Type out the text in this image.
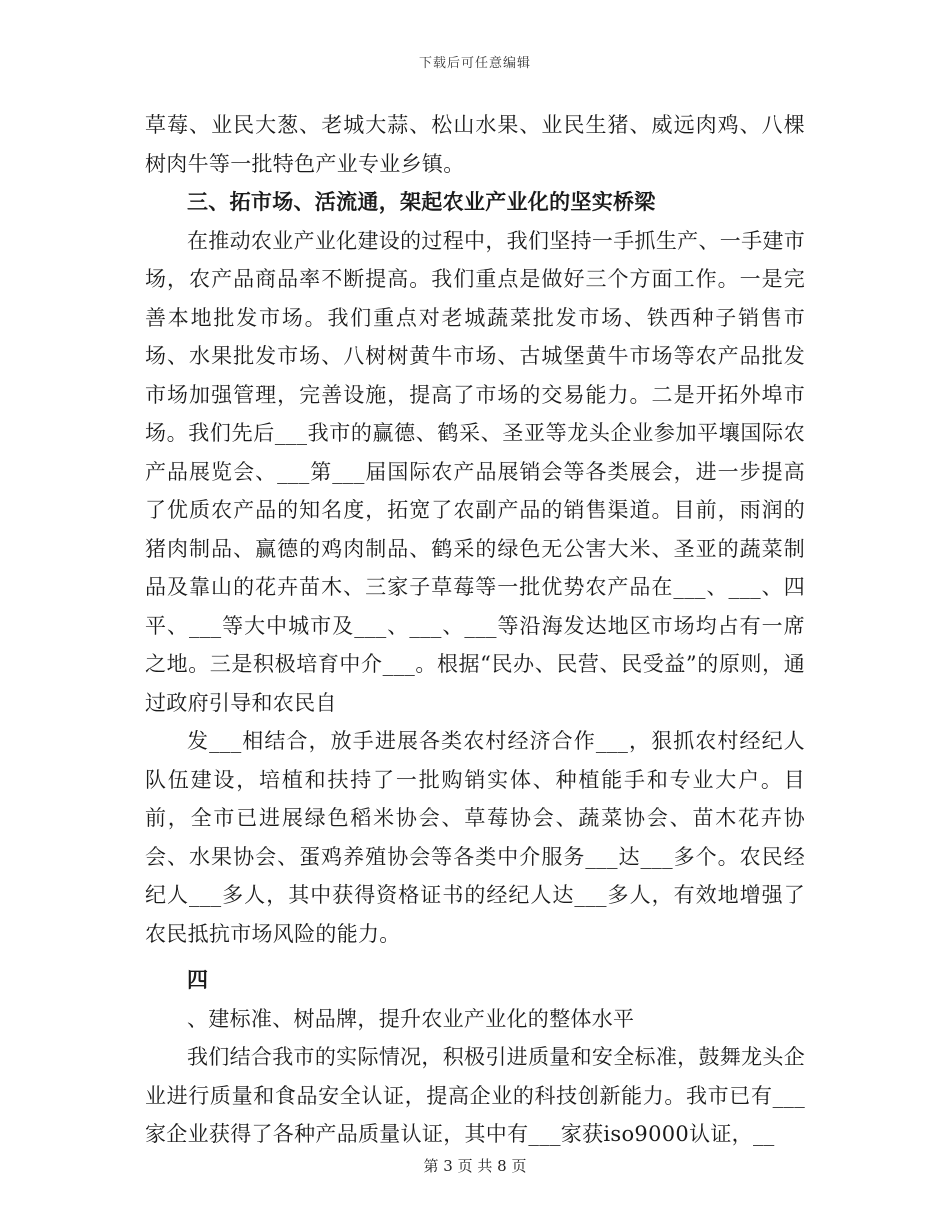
下载后可任意编辑

草莓、业民大葱、老城大蒜、松山水果、业民生猪、威远肉鸡、八棵树肉牛等一批特色产业专业乡镇。

三、拓市场、活流通，架起农业产业化的坚实桥梁

在推动农业产业化建设的过程中，我们坚持一手抓生产、一手建市场，农产品商品率不断提高。我们重点是做好三个方面工作。一是完善本地批发市场。我们重点对老城蔬菜批发市场、铁西种子销售市场、水果批发市场、八树树黄牛市场、古城堡黄牛市场等农产品批发市场加强管理，完善设施，提高了市场的交易能力。二是开拓外埠市场。我们先后___我市的赢德、鹤采、圣亚等龙头企业参加平壤国际农产品展览会、___第___届国际农产品展销会等各类展会，进一步提高了优质农产品的知名度，拓宽了农副产品的销售渠道。目前，雨润的猪肉制品、赢德的鸡肉制品、鹤采的绿色无公害大米、圣亚的蔬菜制品及靠山的花卉苗木、三家子草莓等一批优势农产品在___、___、四平、___等大中城市及___、___、___等沿海发达地区市场均占有一席之地。三是积极培育中介___。根据“民办、民营、民受益”的原则，通过政府引导和农民自

发___相结合，放手进展各类农村经济合作___，狠抓农村经纪人队伍建设，培植和扶持了一批购销实体、种植能手和专业大户。目前，全市已进展绿色稻米协会、草莓协会、蔬菜协会、苗木花卉协会、水果协会、蛋鸡养殖协会等各类中介服务___达___多个。农民经纪人___多人，其中获得资格证书的经纪人达___多人，有效地增强了农民抵抗市场风险的能力。

四

、建标准、树品牌，提升农业产业化的整体水平

我们结合我市的实际情况，积极引进质量和安全标准，鼓舞龙头企业进行质量和食品安全认证，提高企业的科技创新能力。我市已有___家企业获得了各种产品质量认证，其中有___家获iso9000认证，__

第 3 页 共 8 页
